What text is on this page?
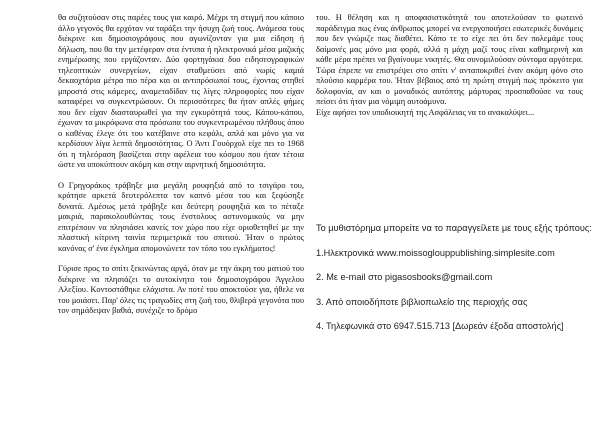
θα συζητούσαν στις παρέες τους για καιρό. Μέχρι τη στιγμή που κάποιο άλλο γεγονός θα ερχόταν να ταράξει την ήσυχη ζωή τους. Ανάμεσα τους διέκρινε και δημοσιογράφους που αγωνίζονταν για μια είδηση ή δήλωση, που θα την μετέφεραν στα έντυπα ή ηλεκτρονικά μέσα μαζικής ενημέρωσης που εργάζονταν. Δύο φορτηγάκια δυο ειδησεογραφικών τηλεοπτικών συνεργείων, είχαν σταθμεύσει από νωρίς καμιά δεκαοχτάρια μέτρα πιο πέρα και οι αντιπρόσωποί τους, έχοντας στηθεί μπροστά στις κάμερες, αναμεταδίδαν τις λίγες πληροφορίες που είχαν καταφέρει να συγκεντρώσουν. Οι περισσότερες θα ήταν απλές φήμες που δεν είχαν διασταυρωθεί για την εγκυρότητά τους. Κάπου-κάπου, έχωναν τα μικρόφωνα στα πρόσωπα του συγκεντρωμένου πλήθους όπου ο καθένας έλεγε ότι του κατέβαινε στο κεφάλι, απλά και μόνο για να κερδίσουν λίγα λεπτά δημοσιότητας. Ο Άντι Γουόρχολ είχε πει το 1968 ότι η τηλεόραση βασίζεται στην αφέλεια του κόσμου που ήταν τέτοια ώστε να υποκύπτουν ακόμη και στην αιρνητική δημοσιότητα.

Ο Γρηγοράκος τράβηξε μια μεγάλη ρουφηξιά από το τσιγάρο του, κράτησε αρκετά δευτερόλεπτα τον καπνό μέσα του και ξεφύσηξε δυνατά. Αμέσως μετά τράβηξε και δεύτερη ρουφηξιά και το πέταξε μακριά, παρακολουθώντας τους ένστολους αστυνομικούς να μην επιτρέπουν να πλησιάσει κανείς τον χώρο που είχε οριοθετηθεί με την πλαστική κίτρινη ταινία περιμετρικά του σπιτιού. Ήταν ο πρώτος κανόνας σ' ένα έγκλημα απομονώνετε τον τόπο του εγκλήματος!

Γύρισε προς το σπίτι ξεκινώντας αργά, όταν με την άκρη του ματιού του διέκρινε να πλησιάζει το αυτοκίνητο του δημοσιογράφου Άγγελου Αλεξίου. Κοντοστάθηκε ελάχιστα. Αν ποτέ του αποκτούσε για, ήθελε να του μοιάσει. Παρ' όλες τις τραγωδίες στη ζωή του, θλιβερά γεγονότα που τον σημάδεψαν βαθιά, συνέχιζε το δρόμο

του. Η θέληση και η αποφασιστικότητά του αποτελούσαν το φωτεινό παράδειγμα πως ένας άνθρωπος μπορεί να ενεργοποιήσει εσωτερικές δυνάμεις που δεν γνώριζε πως διαθέτει. Κάπο τε το είχε πει ότι δεν πολεμάμε τους δαίμονές μας μόνο μια φορά, αλλά η μάχη μαζί τους είναι καθημερινή και κάθε μέρα πρέπει να βγαίνουμε νικητές. Θα συνομιλούσαν σύντομα αργότερα. Τώρα έπρεπε να επιστρέψει στο σπίτι ν' ανταποκριθεί έναν ακόμη φόνο στο πλούσιο καρμέρα του. Ήταν βέβαιος από τη πρώτη στιγμή πως πρόκειτο για δολοφονία, αν και ο μοναδικός αυτόπτης μάρτυρας προσπαθούσε να τους πείσει ότι ήταν μια νόμιμη αυτοάμυνα.

Είχε αφήσει τον υποδιοικητή της Ασφάλειας να το ανακαλύψει...

Το μυθιστόρημα μπορείτε να το παραγγείλετε με τους εξής τρόπους:

1.Ηλεκτρονικά www.moissoglouppublishing.simplesite.com

2. Με e-mail στο pigasosbooks@gmail.com

3. Από οποιοδήποτε βιβλιοπωλείο της περιοχής σας

4. Τηλεφωνικά στο 6947.515.713 [Δωρεάν έξοδα αποστολής]
